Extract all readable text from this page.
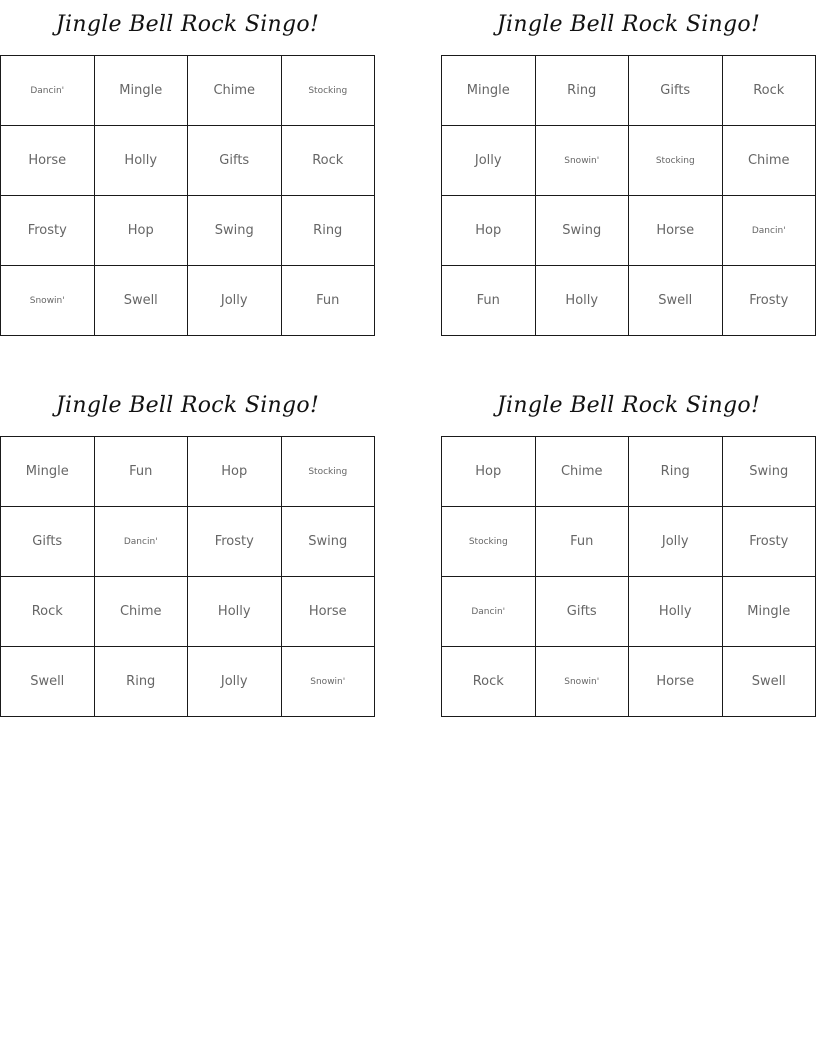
Jingle Bell Rock Singo!
Dancin'	Mingle	Chime	Stocking
Horse	Holly	Gifts	Rock
Frosty	Hop	Swing	Ring
Snowin'	Swell	Jolly	Fun
Jingle Bell Rock Singo!
Mingle	Ring	Gifts	Rock
Jolly	Snowin'	Stocking	Chime
Hop	Swing	Horse	Dancin'
Fun	Holly	Swell	Frosty
Jingle Bell Rock Singo!
Mingle	Fun	Hop	Stocking
Gifts	Dancin'	Frosty	Swing
Rock	Chime	Holly	Horse
Swell	Ring	Jolly	Snowin'
Jingle Bell Rock Singo!
Hop	Chime	Ring	Swing
Stocking	Fun	Jolly	Frosty
Dancin'	Gifts	Holly	Mingle
Rock	Snowin'	Horse	Swell
